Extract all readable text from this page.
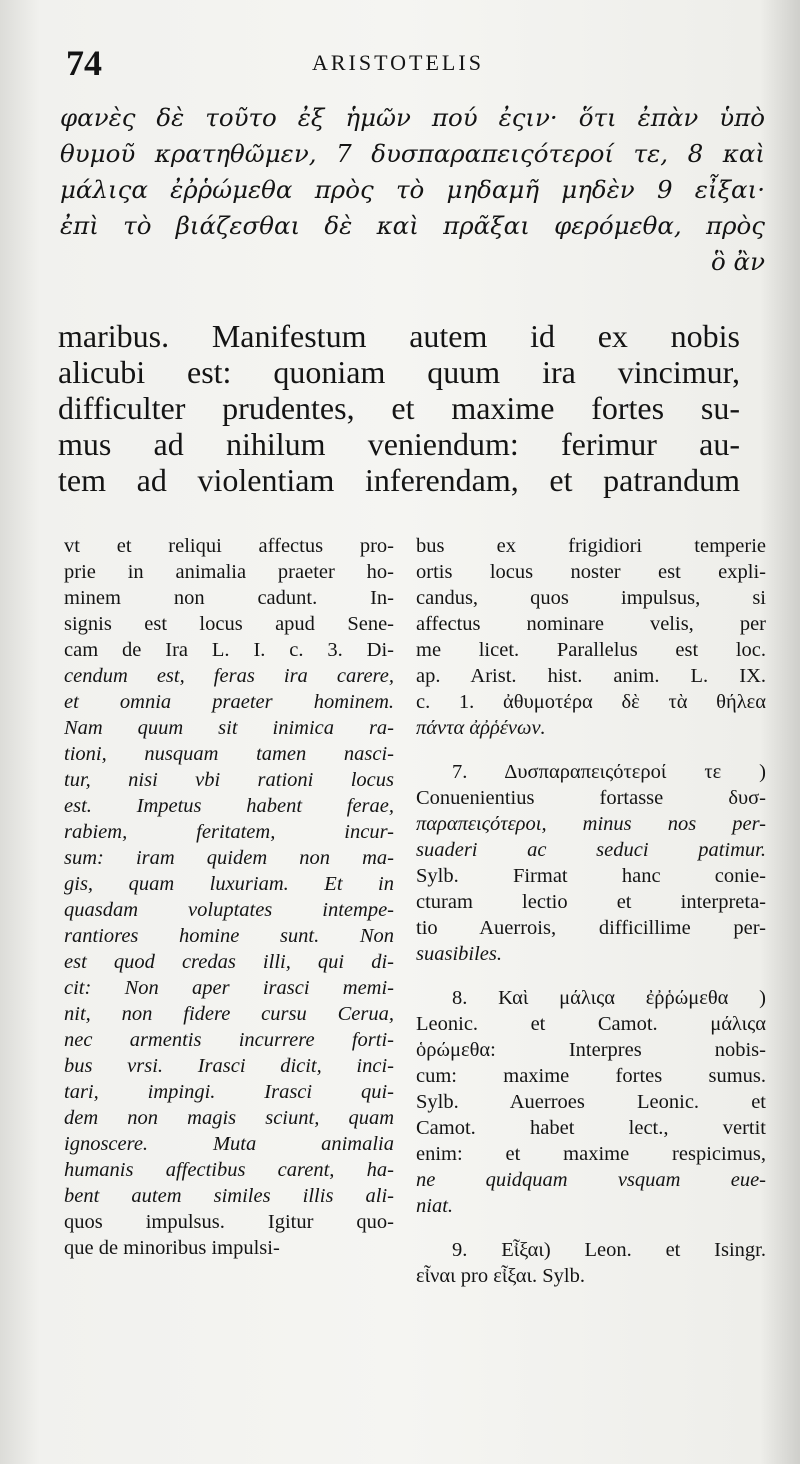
74	ARISTOTELIS
φανὲς δὲ τοῦτο ἐξ ἡμῶν πού ἐςιν· ὅτι ἐπὰν ὑπὸ
θυμοῦ κρατηθῶμεν, 7 δυσπαραπειςότεροί τε, 8 καὶ
μάλιςα ἐῤῥώμεθα πρὸς τὸ μηδαμῆ μηδὲν 9 εἶξαι·
ἐπὶ τὸ βιάζεσθαι δὲ καὶ πρᾶξαι φερόμεθα, πρὸς
ὃ ἂν
maribus. Manifestum autem id ex nobis
alicubi est: quoniam quum ira vincimur,
difficulter prudentes, et maxime fortes su-
mus ad nihilum veniendum: ferimur au-
tem ad violentiam inferendam, et patrandum
vt et reliqui affectus pro-
prie in animalia praeter ho-
minem non cadunt. In-
signis est locus apud Sene-
cam de Ira L. I. c. 3. Di-
cendum est, feras ira carere,
et omnia praeter hominem.
Nam quum sit inimica ra-
tioni, nusquam tamen nasci-
tur, nisi vbi rationi locus
est. Impetus habent ferae,
rabiem, feritatem, incur-
sum: iram quidem non ma-
gis, quam luxuriam. Et in
quasdam voluptates intempe-
rantiores homine sunt. Non
est quod credas illi, qui di-
cit: Non aper irasci memi-
nit, non fidere cursu Cerua,
nec armentis incurrere forti-
bus vrsi. Irasci dicit, inci-
tari, impingi. Irasci qui-
dem non magis sciunt, quam
ignoscere. Muta animalia
humanis affectibus carent, ha-
bent autem similes illis ali-
quos impulsus. Igitur quo-
que de minoribus impulsi-
bus ex frigidiori temperie
ortis locus noster est expli-
candus, quos impulsus, si
affectus nominare velis, per
me licet. Parallelus est loc.
ap. Arist. hist. anim. L. IX.
c. 1. ἀθυμοτέρα δὲ τὰ θήλεα
πάντα ἀῤῥένων.
7. Δυσπαραπειςότεροί τε )
Conuenientius fortasse δυσ-
παραπειςότεροι, minus nos per-
suaderi ac seduci patimur.
Sylb. Firmat hanc conie-
cturam lectio et interpreta-
tio Auerrois, difficillime per-
suasibiles.
8. Καὶ μάλιςα ἐῤῥώμεθα )
Leonic. et Camot. μάλιςα
ὁρώμεθα: Interpres nobis-
cum: maxime fortes sumus.
Sylb. Auerroes Leonic. et
Camot. habet lect., vertit
enim: et maxime respicimus,
ne quidquam vsquam eue-
niat.
9. Εἶξαι) Leon. et Isingr.
εἶναι pro εἶξαι. Sylb.
